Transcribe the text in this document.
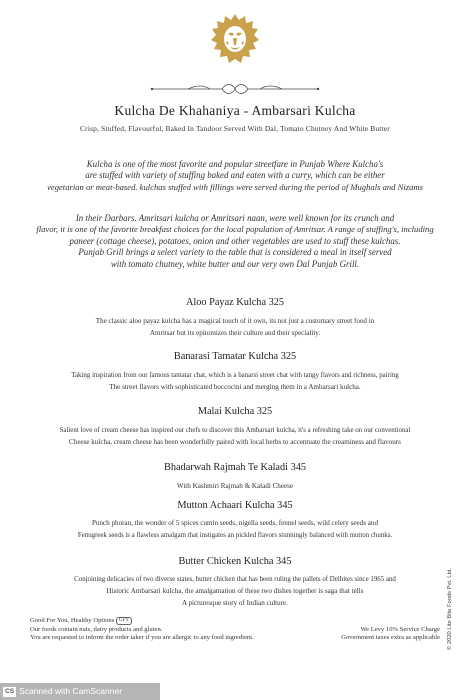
Kulcha De Khahaniya - Ambarsari Kulcha
Crisp, Stuffed, Flavourful, Baked In Tandoor Served With Dal, Tomato Chutney And White Butter
Kulcha is one of the most favorite and popular streetfare in Punjab Where Kulcha's
are stuffed with variety of stuffing baked and eaten with a curry, which can be either
vegetarian or meat-based. kulchas stuffed with fillings were served during the period of Mughals and Nizams
In their Darbars. Amritsari kulcha or Amritsari naan, were well known for its crunch and
flavor, it is one of the favorite breakfast choices for the local population of Amritsar. A range of stuffing's, including
paneer (cottage cheese), potatoes, onion and other vegetables are used to stuff these kulchas.
Punjab Grill brings a select variety to the table that is considered a meal in itself served
with tomato chutney, white butter and our very own Dal Punjab Grill.
Aloo Payaz Kulcha 325
The classic aloo payaz kulcha has a magical touch of it own, its not just a customary street food in
Amritsar but its epitomizes their culture and their speciality.
Banarasi Tamatar Kulcha 325
Taking inspiration from our famous tamatar chat, which is a banarsi street chat with tangy flavors and richness, pairing
The street flavors with sophisticated boccocini and merging them in a Ambarsari kulcha.
Malai Kulcha 325
Salient love of cream cheese has inspired our chefs to discover this Ambarsari kulcha, it's a refreshing take on our conventional
Cheese kulcha, cream cheese has been wonderfully paired with local herbs to accentuate the creaminess and flavours
Bhadarwah Rajmah Te Kaladi 345
With Kashmiri Rajmah & Kaladi Cheese
Mutton Achaari Kulcha 345
Punch phoran, the wonder of 5 spices cumin seeds, nigella seeds, fennel seeds, wild celery seeds and
Fenugreek seeds is a flawless amalgam that instigates an pickled flavors stunningly balanced with mutton chunks.
Butter Chicken Kulcha 345
Conjoining delicacies of two diverse states, butter chicken that has been ruling the pallets of Delhites since 1965 and
Historic Ambarsari kulcha, the amalgamation of these two dishes together is saga that tells
A picturesque story of Indian culture.
Good For You, Healthy Options GFY
Our foods contain nuts, dairy products and gluten.
You are requested to inform the order taker if you are allergic to any food ingredient.
We Levy 10% Service Charge
Government taxes extra as applicable © 2020 Lite Bite Foods Pvt. Ltd.
CS Scanned with CamScanner
